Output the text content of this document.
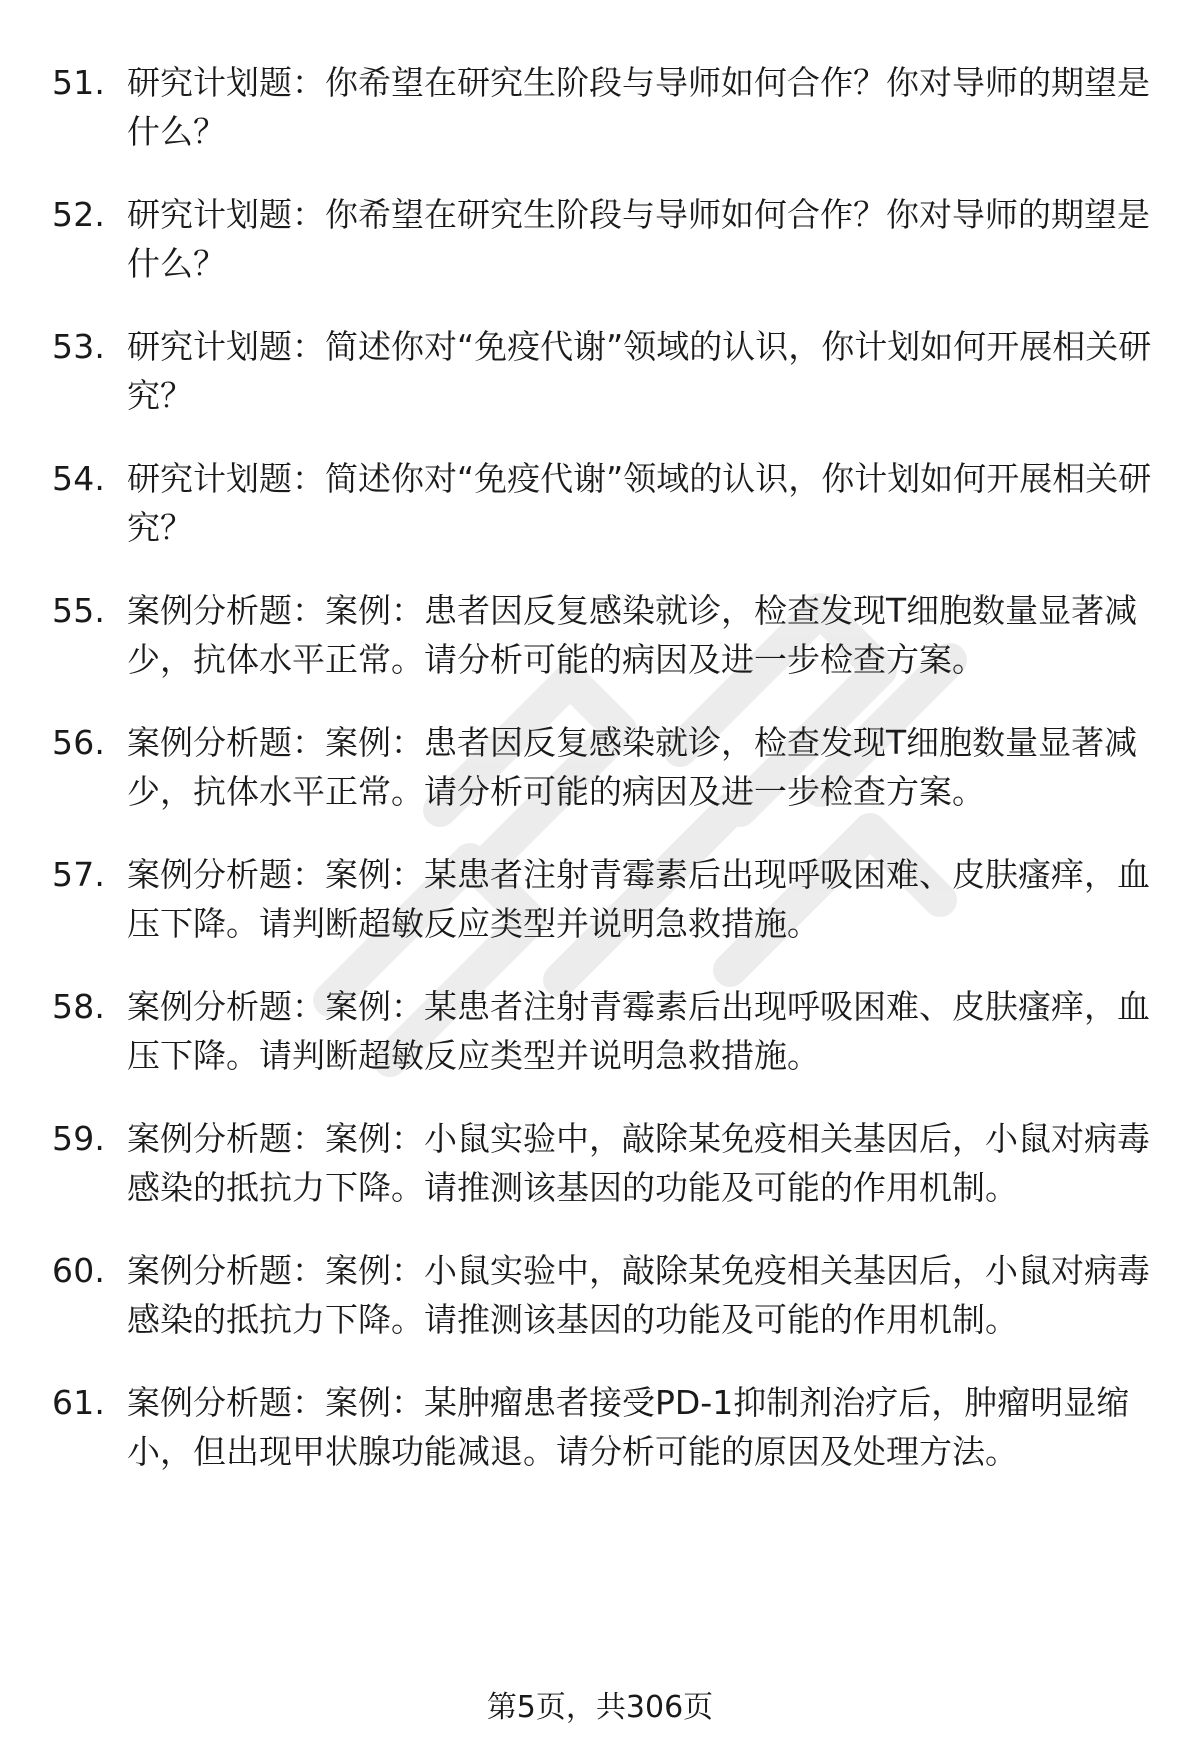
51. 研究计划题：你希望在研究生阶段与导师如何合作？你对导师的期望是什么？
52. 研究计划题：你希望在研究生阶段与导师如何合作？你对导师的期望是什么？
53. 研究计划题：简述你对“免疫代谢”领域的认识，你计划如何开展相关研究？
54. 研究计划题：简述你对“免疫代谢”领域的认识，你计划如何开展相关研究？
55. 案例分析题：案例：患者因反复感染就诊，检查发现T细胞数量显著减少，抗体水平正常。请分析可能的病因及进一步检查方案。
56. 案例分析题：案例：患者因反复感染就诊，检查发现T细胞数量显著减少，抗体水平正常。请分析可能的病因及进一步检查方案。
57. 案例分析题：案例：某患者注射青霉素后出现呼吸困难、皮肤瘙痒，血压下降。请判断超敏反应类型并说明急救措施。
58. 案例分析题：案例：某患者注射青霉素后出现呼吸困难、皮肤瘙痒，血压下降。请判断超敏反应类型并说明急救措施。
59. 案例分析题：案例：小鼠实验中，敲除某免疫相关基因后，小鼠对病毒感染的抵抗力下降。请推测该基因的功能及可能的作用机制。
60. 案例分析题：案例：小鼠实验中，敲除某免疫相关基因后，小鼠对病毒感染的抵抗力下降。请推测该基因的功能及可能的作用机制。
61. 案例分析题：案例：某肿瘤患者接受PD-1抑制剂治疗后，肿瘤明显缩小，但出现甲状腺功能减退。请分析可能的原因及处理方法。
第5页，共306页
